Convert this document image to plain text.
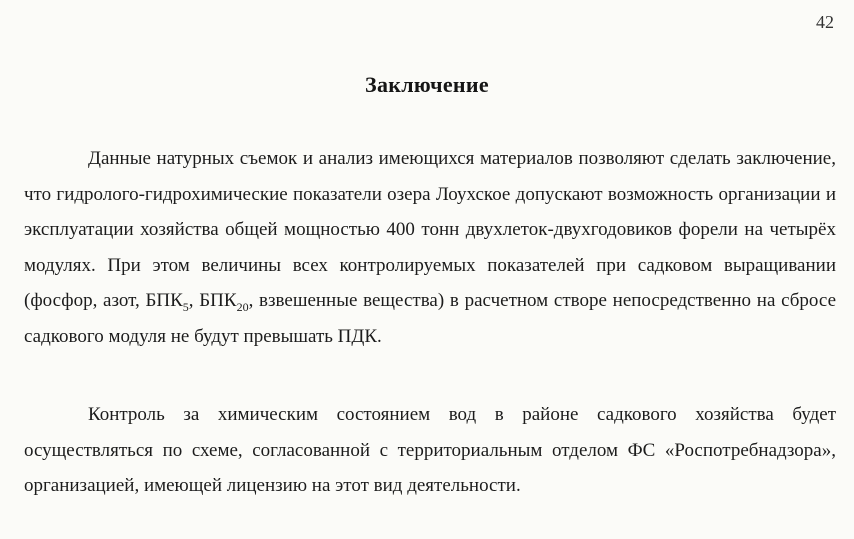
42
Заключение

Данные натурных съемок и анализ имеющихся материалов позволяют сделать заключение, что гидролого-гидрохимические показатели озера Лоухское допускают возможность организации и эксплуатации хозяйства общей мощностью 400 тонн двухлеток-двухгодовиков форели на четырёх модулях. При этом величины всех контролируемых показателей при садковом выращивании (фосфор, азот, $БПК_5$, $БПК_{20}$, взвешенные вещества) в расчетном створе непосредственно на сбросе садкового модуля не будут превышать ПДК.

Контроль за химическим состоянием вод в районе садкового хозяйства будет осуществляться по схеме, согласованной с территориальным отделом ФС «Роспотребнадзора», организацией, имеющей лицензию на этот вид деятельности.
